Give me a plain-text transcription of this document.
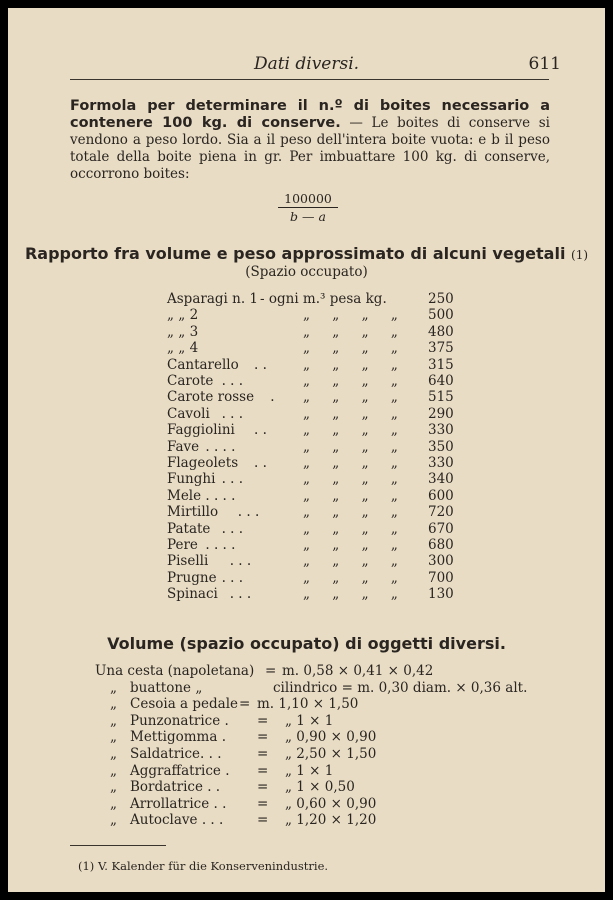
Dati diversi.	611
Formola per determinare il n.º di boites necessario a contenere 100 kg. di conserve. — Le boites di conserve si vendono a peso lordo. Sia a il peso dell'intera boite vuota: e b il peso totale della boite piena in gr. Per imbuattare 100 kg. di conserve, occorrono boites:
$\frac{100000}{b — a}$
Rapporto fra volume e peso approssimato di alcuni vegetali (1)
(Spazio occupato)
Asparagi n. 1 - ogni m.³ pesa kg.	250
„ „ 2	„ „ „ „ 500
„ „ 3	„ „ „ „ 480
„ „ 4	„ „ „ „ 375
Cantarello . .	„ „ „ „ 315
Carote . . .	„ „ „ „ 640
Carote rosse . „ „ „ „ 515
Cavoli . . .	„ „ „ „ 290
Faggiolini . .	„ „ „ „ 330
Fave . . . .	„ „ „ „ 350
Flageolets . .	„ „ „ „ 330
Funghi . . .	„ „ „ „ 340
Mele . . . .	„ „ „ „ 600
Mirtillo . . .	„ „ „ „ 720
Patate . . .	„ „ „ „ 670
Pere . . . .	„ „ „ „ 680
Piselli . . .	„ „ „ „ 300
Prugne . . .	„ „ „ „ 700
Spinaci . . .	„ „ „ „ 130
Volume (spazio occupato) di oggetti diversi.
Una cesta (napoletana) = m. 0,58 × 0,41 × 0,42
„ buattone „	cilindrico = m. 0,30 diam. × 0,36 alt.
„ Cesoia a pedale = m. 1,10 × 1,50
„ Punzonatrice . = „ 1 × 1
„ Mettigomma . = „ 0,90 × 0,90
„ Saldatrice. . .	= „ 2,50 × 1,50
„ Aggraffatrice . = „ 1 × 1
„ Bordatrice . .	= „ 1 × 0,50
„ Arrollatrice . . = „ 0,60 × 0,90
„ Autoclave . . . = „ 1,20 × 1,20
(1) V. Kalender für die Konservenindustrie.
